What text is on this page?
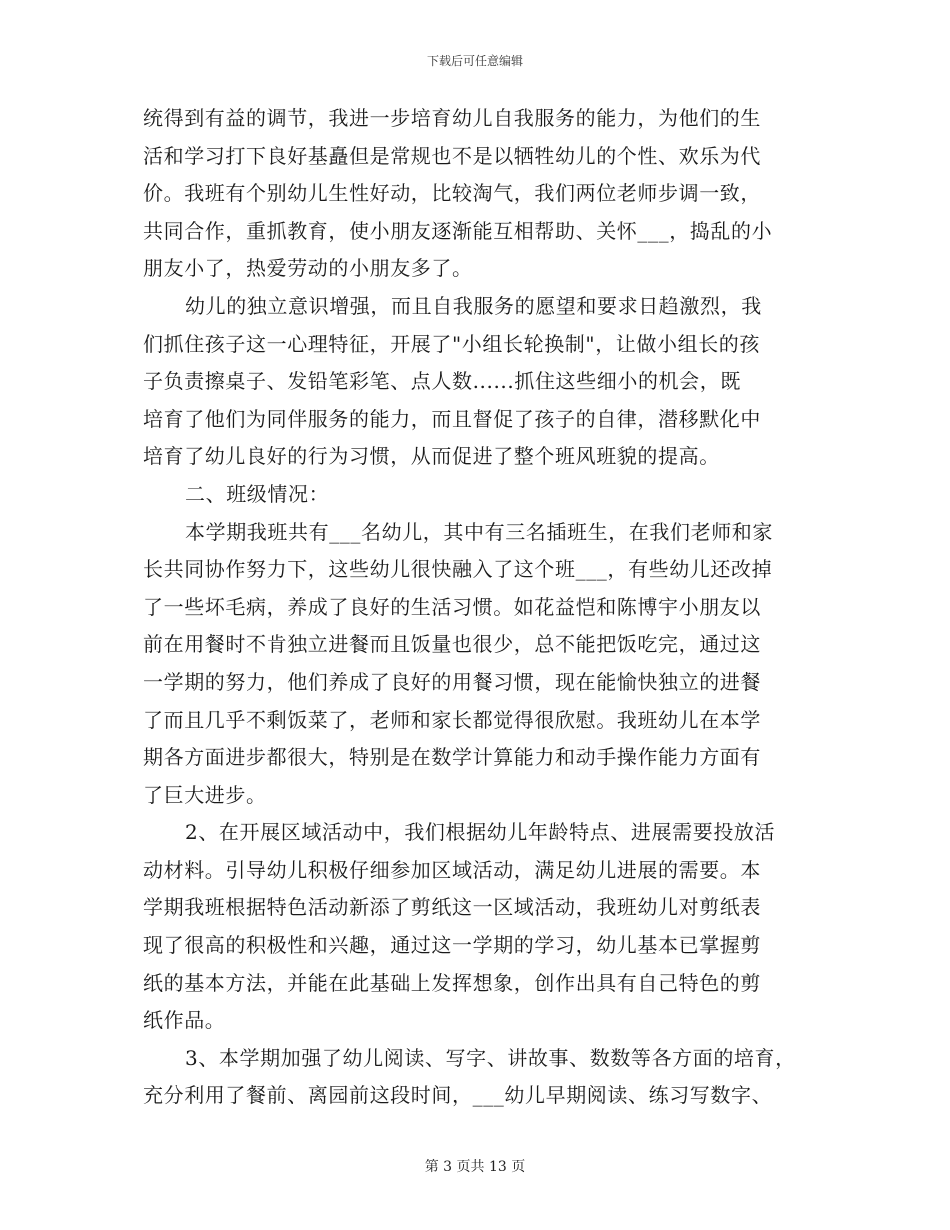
下载后可任意编辑
统得到有益的调节，我进一步培育幼儿自我服务的能力，为他们的生
活和学习打下良好基矗但是常规也不是以牺牲幼儿的个性、欢乐为代
价。我班有个别幼儿生性好动，比较淘气，我们两位老师步调一致，
共同合作，重抓教育，使小朋友逐渐能互相帮助、关怀___，捣乱的小
朋友小了，热爱劳动的小朋友多了。
幼儿的独立意识增强，而且自我服务的愿望和要求日趋激烈，我
们抓住孩子这一心理特征，开展了"小组长轮换制"，让做小组长的孩
子负责擦桌子、发铅笔彩笔、点人数......抓住这些细小的机会，既
培育了他们为同伴服务的能力，而且督促了孩子的自律，潜移默化中
培育了幼儿良好的行为习惯，从而促进了整个班风班貌的提高。
二、班级情况：
本学期我班共有___名幼儿，其中有三名插班生，在我们老师和家
长共同协作努力下，这些幼儿很快融入了这个班___，有些幼儿还改掉
了一些坏毛病，养成了良好的生活习惯。如花益恺和陈博宇小朋友以
前在用餐时不肯独立进餐而且饭量也很少，总不能把饭吃完，通过这
一学期的努力，他们养成了良好的用餐习惯，现在能愉快独立的进餐
了而且几乎不剩饭菜了，老师和家长都觉得很欣慰。我班幼儿在本学
期各方面进步都很大，特别是在数学计算能力和动手操作能力方面有
了巨大进步。
2、在开展区域活动中，我们根据幼儿年龄特点、进展需要投放活
动材料。引导幼儿积极仔细参加区域活动，满足幼儿进展的需要。本
学期我班根据特色活动新添了剪纸这一区域活动，我班幼儿对剪纸表
现了很高的积极性和兴趣，通过这一学期的学习，幼儿基本已掌握剪
纸的基本方法，并能在此基础上发挥想象，创作出具有自己特色的剪
纸作品。
3、本学期加强了幼儿阅读、写字、讲故事、数数等各方面的培育，
充分利用了餐前、离园前这段时间，___幼儿早期阅读、练习写数字、
第 3 页共 13 页
